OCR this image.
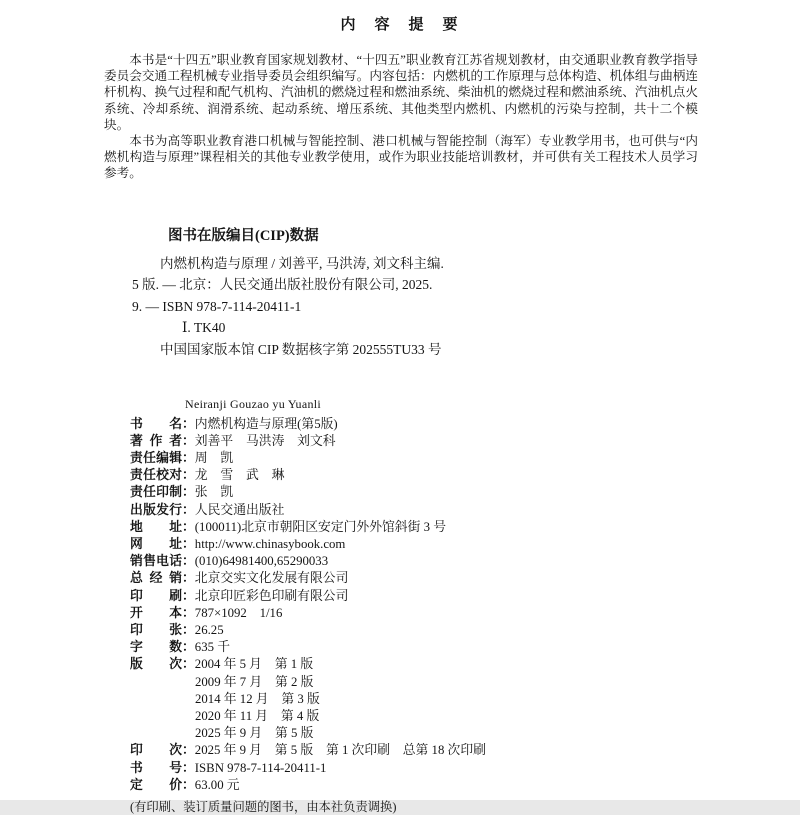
内　容　提　要

本书是“十四五”职业教育国家规划教材、“十四五”职业教育江苏省规划教材，由交通职业教育教学指导委员会交通工程机械专业指导委员会组织编写。内容包括：内燃机的工作原理与总体构造、机体组与曲柄连杆机构、换气过程和配气机构、汽油机的燃烧过程和燃油系统、柴油机的燃烧过程和燃油系统、汽油机点火系统、冷却系统、润滑系统、起动系统、增压系统、其他类型内燃机、内燃机的污染与控制，共十二个模块。

本书为高等职业教育港口机械与智能控制、港口机械与智能控制（海军）专业教学用书，也可供与“内燃机构造与原理”课程相关的其他专业教学使用，或作为职业技能培训教材，并可供有关工程技术人员学习参考。

图书在版编目(CIP)数据
内燃机构造与原理 / 刘善平, 马洪涛, 刘文科主编.
5 版. — 北京：人民交通出版社股份有限公司, 2025.
9. — ISBN 978-7-114-20411-1
Ⅰ. TK40
中国国家版本馆 CIP 数据核字第 202555TU33 号
Neiranji Gouzao yu Yuanli
书名：内燃机构造与原理(第5版)
著作者：刘善平　马洪涛　刘文科
责任编辑：周　凯
责任校对：龙　雪　武　琳
责任印制：张　凯
出版发行：人民交通出版社
地址：(100011)北京市朝阳区安定门外外馆斜街 3 号
网址：http://www.chinasybook.com
销售电话：(010)64981400,65290033
总经销：北京交实文化发展有限公司
印刷：北京印匠彩色印刷有限公司
开本：787×1092　1/16
印张：26.25
字数：635 千
版次：2004 年 5 月　第 1 版
2009 年 7 月　第 2 版
2014 年 12 月　第 3 版
2020 年 11 月　第 4 版
2025 年 9 月　第 5 版
印次：2025 年 9 月　第 5 版　第 1 次印刷　总第 18 次印刷
书号：ISBN 978-7-114-20411-1
定价：63.00 元
(有印刷、装订质量问题的图书，由本社负责调换)
